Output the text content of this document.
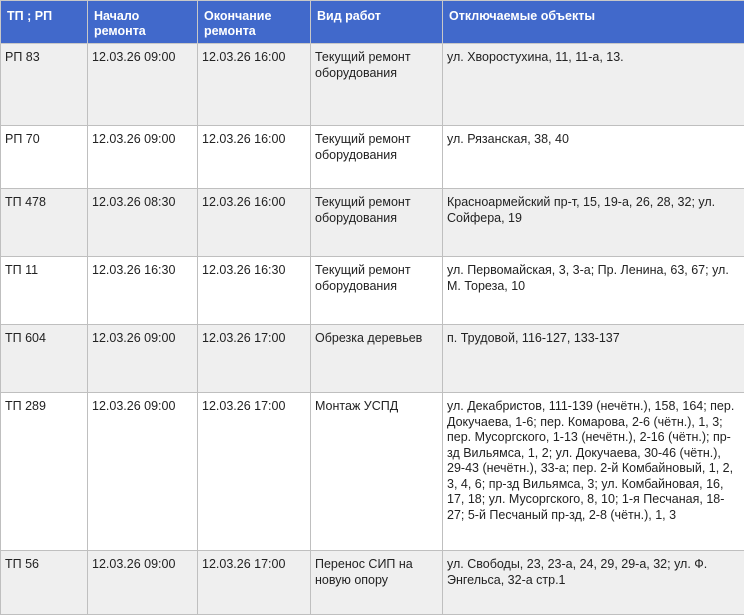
ТП ; РП	Начало ремонта	Окончание ремонта	Вид работ	Отключаемые объекты
РП 83	12.03.26 09:00	12.03.26 16:00	Текущий ремонт оборудования	ул. Хворостухина, 11, 11-а, 13.
РП 70	12.03.26 09:00	12.03.26 16:00	Текущий ремонт оборудования	ул. Рязанская, 38, 40
ТП 478	12.03.26 08:30	12.03.26 16:00	Текущий ремонт оборудования	Красноармейский пр-т, 15, 19-а, 26, 28, 32; ул. Сойфера, 19
ТП 11	12.03.26 16:30	12.03.26 16:30	Текущий ремонт оборудования	ул. Первомайская, 3, 3-а; Пр. Ленина, 63, 67; ул. М. Тореза, 10
ТП 604	12.03.26 09:00	12.03.26 17:00	Обрезка деревьев	п. Трудовой, 116-127, 133-137
ТП 289	12.03.26 09:00	12.03.26 17:00	Монтаж УСПД	ул. Декабристов, 111-139 (нечётн.), 158, 164; пер. Докучаева, 1-6; пер. Комарова, 2-6 (чётн.), 1, 3; пер. Мусоргского, 1-13 (нечётн.), 2-16 (чётн.); пр-зд Вильямса, 1, 2; ул. Докучаева, 30-46 (чётн.), 29-43 (нечётн.), 33-а; пер. 2-й Комбайновый, 1, 2, 3, 4, 6; пр-зд Вильямса, 3; ул. Комбайновая, 16, 17, 18; ул. Мусоргского, 8, 10; 1-я Песчаная, 18-27; 5-й Песчаный пр-зд, 2-8 (чётн.), 1, 3
ТП 56	12.03.26 09:00	12.03.26 17:00	Перенос СИП на новую опору	ул. Свободы, 23, 23-а, 24, 29, 29-а, 32; ул. Ф. Энгельса, 32-а стр.1
